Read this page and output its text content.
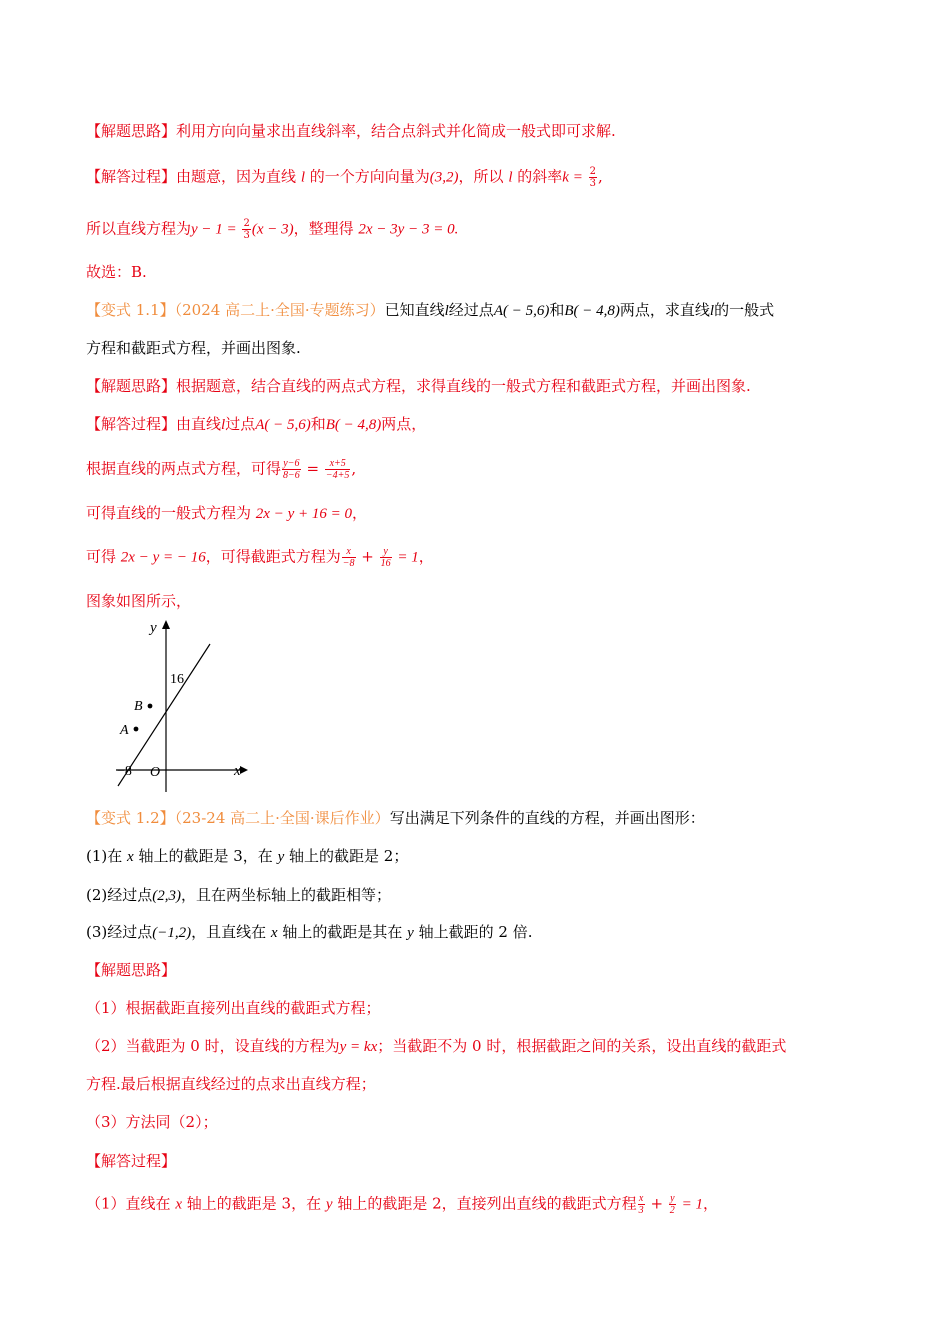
【解题思路】利用方向向量求出直线斜率，结合点斜式并化简成一般式即可求解.
【解答过程】由题意，因为直线 l 的一个方向向量为(3,2)，所以 l 的斜率$k = \frac{2}{3}$ ,
所以直线方程为$y - 1 = \frac{2}{3} (x - 3)$，整理得 2x − 3y − 3 = 0.
故选：B.
【变式 1.1】（2024 高二上·全国·专题练习）已知直线l经过点A( − 5,6)和B( − 4,8)两点，求直线l的一般式
方程和截距式方程，并画出图象.
【解题思路】根据题意，结合直线的两点式方程，求得直线的一般式方程和截距式方程，并画出图象.
【解答过程】由直线l过点A( − 5,6)和B( − 4,8)两点，
根据直线的两点式方程，可得 $\frac{y-6}{8-6} = \frac{x+5}{-4+5}$ ,
可得直线的一般式方程为 2x − y + 16 = 0，
可得 2x − y = − 16，可得截距式方程为 $\frac{x}{-8} + \frac{y}{16} = 1$，
图象如图所示，
y
x
O
16
−8
A
B
【变式 1.2】（23-24 高二上·全国·课后作业）写出满足下列条件的直线的方程，并画出图形：
(1)在 x 轴上的截距是 3，在 y 轴上的截距是 2；
(2)经过点(2,3)，且在两坐标轴上的截距相等；
(3)经过点(−1,2)，且直线在 x 轴上的截距是其在 y 轴上截距的 2 倍.
【解题思路】
（1）根据截距直接列出直线的截距式方程；
（2）当截距为 0 时，设直线的方程为y = kx；当截距不为 0 时，根据截距之间的关系，设出直线的截距式
方程.最后根据直线经过的点求出直线方程；
（3）方法同（2）；
【解答过程】
（1）直线在 x 轴上的截距是 3，在 y 轴上的截距是 2，直接列出直线的截距式方程 $\frac{x}{3} + \frac{y}{2} = 1$，
